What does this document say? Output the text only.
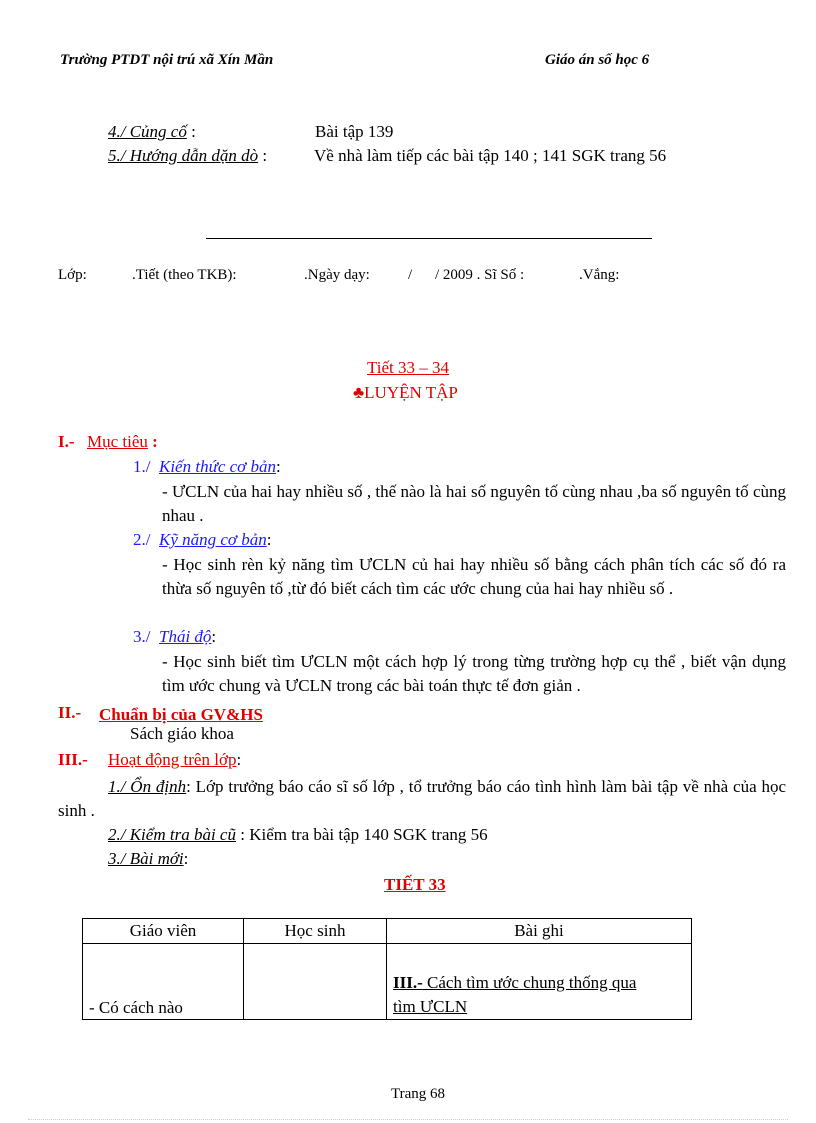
Trường PTDT nội trú xã Xín Mần	Giáo án số học 6
4./ Củng cố :	Bài tập 139
5./ Hướng dẫn dặn dò :	Về nhà làm tiếp các bài tập 140 ; 141 SGK trang 56
Lớp:	.Tiết (theo TKB):	.Ngày dạy:	/ / 2009 . Sĩ Số :	.Vắng:
Tiết 33 – 34
♣LUYỆN TẬP
I.- Mục tiêu :
1./ Kiến thức cơ bản:
- ƯCLN của hai hay nhiều số , thế nào là hai số nguyên tố cùng nhau ,ba số nguyên tố cùng nhau .
2./ Kỹ năng cơ bản:
- Học sinh rèn kỷ năng tìm ƯCLN củ hai hay nhiều số bằng cách phân tích các số đó ra thừa số nguyên tố ,từ đó biết cách tìm các ước chung của hai hay nhiều số .
3./ Thái độ:
- Học sinh biết tìm ƯCLN một cách hợp lý trong từng trường hợp cụ thể , biết vận dụng tìm ước chung và ƯCLN trong các bài toán thực tế đơn giản .
II.- Chuẩn bị của GV&HS
Sách giáo khoa
III.- Hoạt động trên lớp:
1./ Ổn định: Lớp trưởng báo cáo sĩ số lớp , tổ trưởng báo cáo tình hình làm bài tập về nhà của học sinh .
2./ Kiểm tra bài cũ : Kiểm tra bài tập 140 SGK trang 56
3./ Bài mới:
TIẾT 33
Giáo viên	Học sinh	Bài ghi
- Có cách nào		III.- Cách tìm ước chung thống qua tìm ƯCLN
Trang 68
